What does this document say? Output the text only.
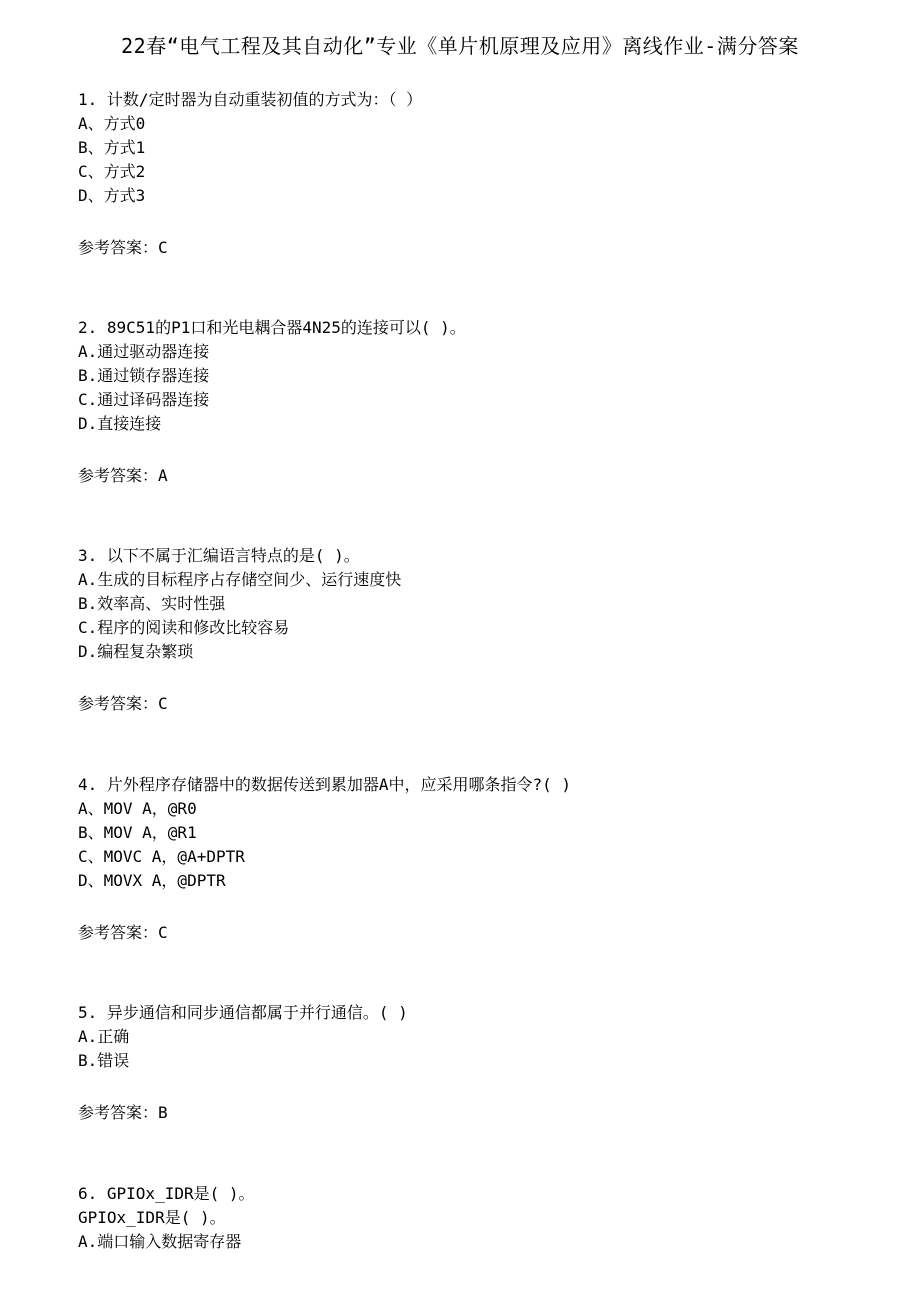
22春“电气工程及其自动化”专业《单片机原理及应用》离线作业-满分答案
1. 计数/定时器为自动重装初值的方式为：（ ）
A、方式0
B、方式1
C、方式2
D、方式3
参考答案：C
2. 89C51的P1口和光电耦合器4N25的连接可以( )。
A.通过驱动器连接
B.通过锁存器连接
C.通过译码器连接
D.直接连接
参考答案：A
3. 以下不属于汇编语言特点的是( )。
A.生成的目标程序占存储空间少、运行速度快
B.效率高、实时性强
C.程序的阅读和修改比较容易
D.编程复杂繁琐
参考答案：C
4. 片外程序存储器中的数据传送到累加器A中，应采用哪条指令?( )
A、MOV A，@R0
B、MOV A，@R1
C、MOVC A，@A+DPTR
D、MOVX A，@DPTR
参考答案：C
5. 异步通信和同步通信都属于并行通信。( )
A.正确
B.错误
参考答案：B
6. GPIOx_IDR是( )。
GPIOx_IDR是( )。
A.端口输入数据寄存器
